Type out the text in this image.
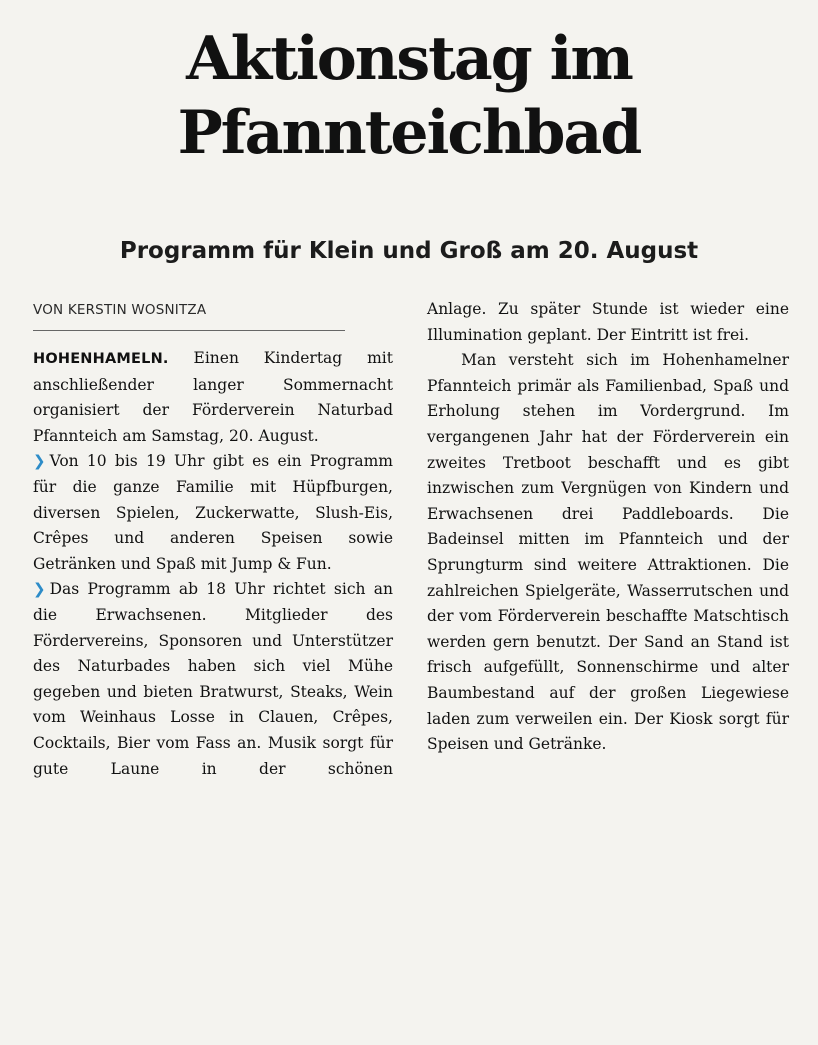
Aktionstag im
Pfannteichbad
Programm für Klein und Groß am 20. August
VON KERSTIN WOSNITZA

HOHENHAMELN. Einen Kindertag mit anschließender langer Sommernacht organisiert der Förderverein Naturbad Pfannteich am Samstag, 20. August.

❯ Von 10 bis 19 Uhr gibt es ein Programm für die ganze Familie mit Hüpfburgen, diversen Spielen, Zuckerwatte, Slush-Eis, Crêpes und anderen Speisen sowie Getränken und Spaß mit Jump & Fun.

❯ Das Programm ab 18 Uhr richtet sich an die Erwachsenen. Mitglieder des Fördervereins, Sponsoren und Unterstützer des Naturbades haben sich viel Mühe gegeben und bieten Bratwurst, Steaks, Wein vom Weinhaus Losse in Clauen, Crêpes, Cocktails, Bier vom Fass an. Musik sorgt für gute Laune in der schönen

Anlage. Zu später Stunde ist wieder eine Illumination geplant. Der Eintritt ist frei.

Man versteht sich im Hohenhamelner Pfannteich primär als Familienbad, Spaß und Erholung stehen im Vordergrund. Im vergangenen Jahr hat der Förderverein ein zweites Tretboot beschafft und es gibt inzwischen zum Vergnügen von Kindern und Erwachsenen drei Paddleboards. Die Badeinsel mitten im Pfannteich und der Sprungturm sind weitere Attraktionen. Die zahlreichen Spielgeräte, Wasserrutschen und der vom Förderverein beschaffte Matschtisch werden gern benutzt. Der Sand an Stand ist frisch aufgefüllt, Sonnenschirme und alter Baumbestand auf der großen Liegewiese laden zum verweilen ein. Der Kiosk sorgt für Speisen und Getränke.
